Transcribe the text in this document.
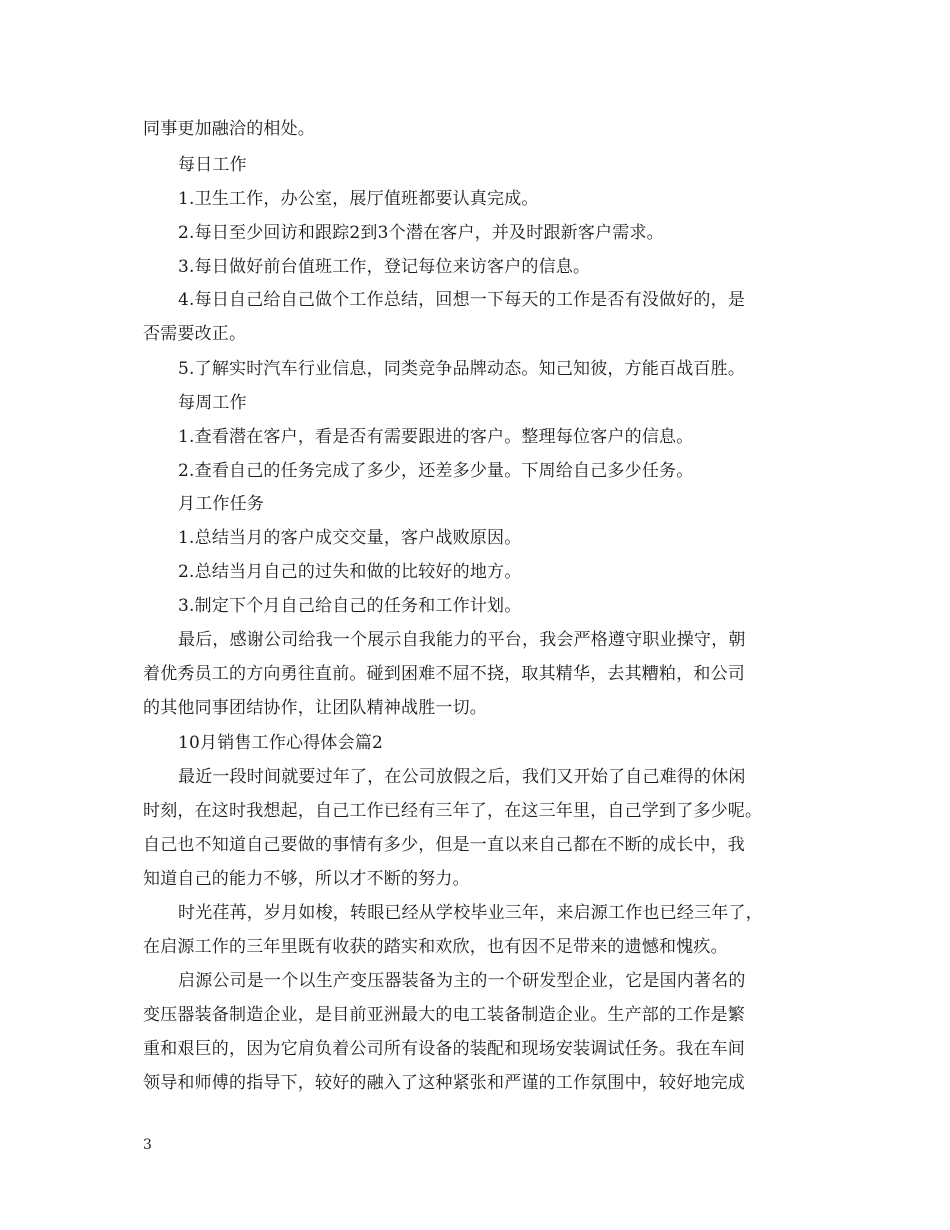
同事更加融洽的相处。
每日工作
1.卫生工作，办公室，展厅值班都要认真完成。
2.每日至少回访和跟踪2到3个潜在客户，并及时跟新客户需求。
3.每日做好前台值班工作，登记每位来访客户的信息。
4.每日自己给自己做个工作总结，回想一下每天的工作是否有没做好的，是
否需要改正。
5.了解实时汽车行业信息，同类竞争品牌动态。知己知彼，方能百战百胜。
每周工作
1.查看潜在客户，看是否有需要跟进的客户。整理每位客户的信息。
2.查看自己的任务完成了多少，还差多少量。下周给自己多少任务。
月工作任务
1.总结当月的客户成交交量，客户战败原因。
2.总结当月自己的过失和做的比较好的地方。
3.制定下个月自己给自己的任务和工作计划。
最后，感谢公司给我一个展示自我能力的平台，我会严格遵守职业操守，朝
着优秀员工的方向勇往直前。碰到困难不屈不挠，取其精华，去其糟粕，和公司
的其他同事团结协作，让团队精神战胜一切。
10月销售工作心得体会篇2
最近一段时间就要过年了，在公司放假之后，我们又开始了自己难得的休闲
时刻，在这时我想起，自己工作已经有三年了，在这三年里，自己学到了多少呢。
自己也不知道自己要做的事情有多少，但是一直以来自己都在不断的成长中，我
知道自己的能力不够，所以才不断的努力。
时光荏苒，岁月如梭，转眼已经从学校毕业三年，来启源工作也已经三年了，
在启源工作的三年里既有收获的踏实和欢欣，也有因不足带来的遗憾和愧疚。
启源公司是一个以生产变压器装备为主的一个研发型企业，它是国内著名的
变压器装备制造企业，是目前亚洲最大的电工装备制造企业。生产部的工作是繁
重和艰巨的，因为它肩负着公司所有设备的装配和现场安装调试任务。我在车间
领导和师傅的指导下，较好的融入了这种紧张和严谨的工作氛围中，较好地完成
3
